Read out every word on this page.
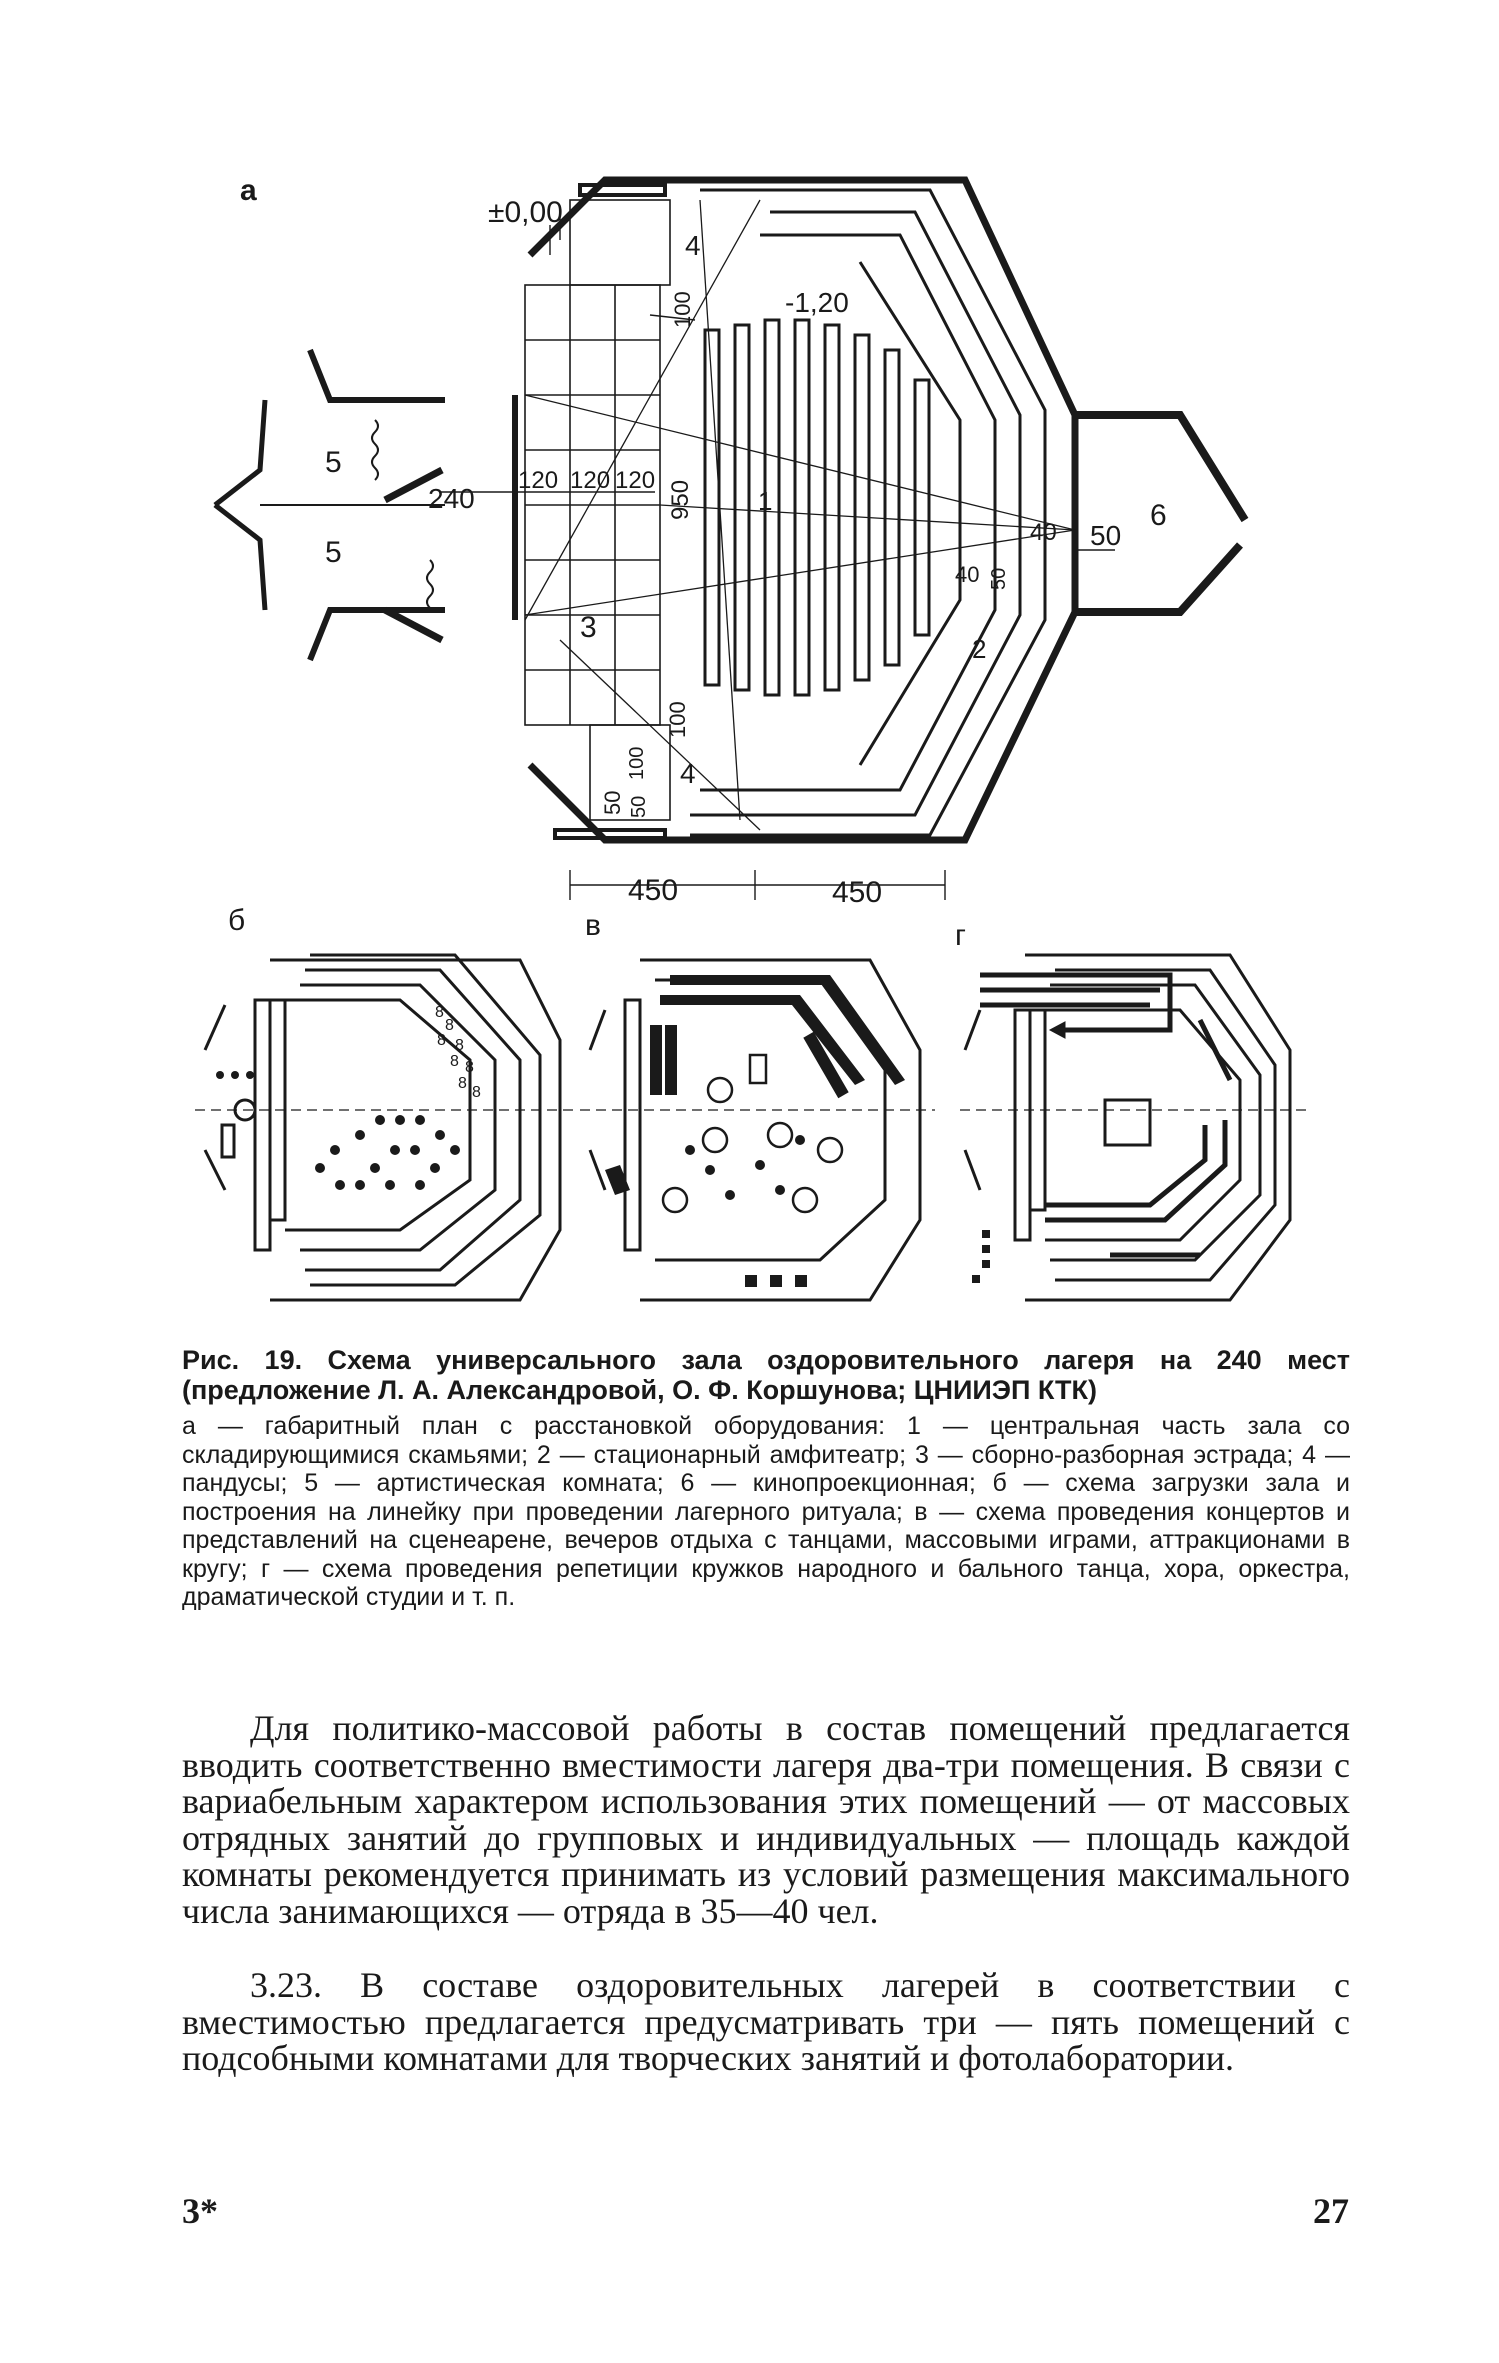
а
±0,00
-1,20
240
120 120 120 950
100
100
100
50 50
40
40
50
50
450	450
1
2
3
4
4
5
5
6
б	в	г
8
8
8 8
8 8
8
8
Рис. 19. Схема универсального зала оздоровительного лагеря на 240 мест (предложение Л. А. Александровой, О. Ф. Коршунова; ЦНИИЭП КТК)
а — габаритный план с расстановкой оборудования: 1 — центральная часть зала со складирующимися скамьями; 2 — стационарный амфитеатр; 3 — сборно-разборная эстрада; 4 — пандусы; 5 — артистическая комната; 6 — кинопроекционная; б — схема загрузки зала и построения на линейку при проведении лагерного ритуала; в — схема проведения концертов и представлений на сценеарене, вечеров отдыха с танцами, массовыми играми, аттракционами в кругу; г — схема проведения репетиции кружков народного и бального танца, хора, оркестра, драматической студии и т. п.
Для политико-массовой работы в состав помещений предлагается вводить соответственно вместимости лагеря два-три помещения. В связи с вариабельным характером использования этих помещений — от массовых отрядных занятий до групповых и индивидуальных — площадь каждой комнаты рекомендуется принимать из условий размещения максимального числа занимающихся — отряда в 35—40 чел.
3.23. В составе оздоровительных лагерей в соответствии с вместимостью предлагается предусматривать три — пять помещений с подсобными комнатами для творческих занятий и фотолаборатории.
3*	27
